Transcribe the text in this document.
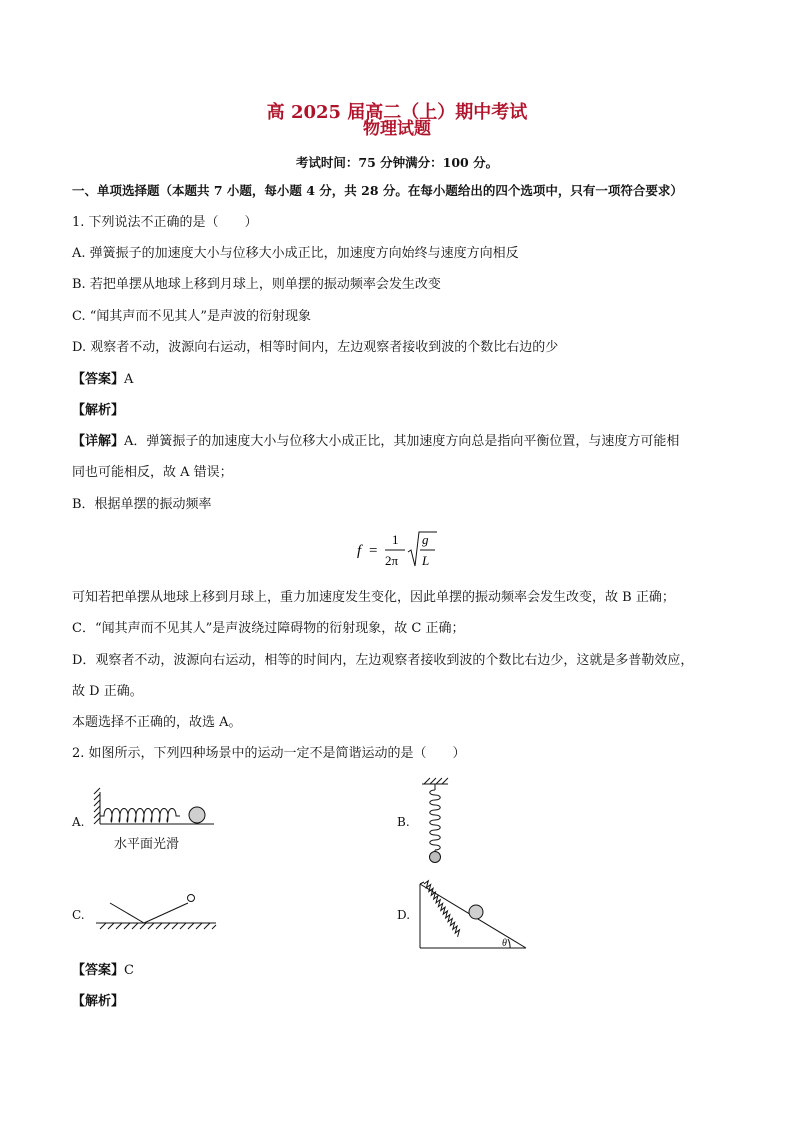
高 2025 届高二（上）期中考试
物理试题
考试时间：75 分钟满分：100 分。
一、单项选择题（本题共 7 小题，每小题 4 分，共 28 分。在每小题给出的四个选项中，只有一项符合要求）
1. 下列说法不正确的是（　　）
A. 弹簧振子的加速度大小与位移大小成正比，加速度方向始终与速度方向相反
B. 若把单摆从地球上移到月球上，则单摆的振动频率会发生改变
C. “闻其声而不见其人”是声波的衍射现象
D. 观察者不动，波源向右运动，相等时间内，左边观察者接收到波的个数比右边的少
【答案】A
【解析】
【详解】A．弹簧振子的加速度大小与位移大小成正比，其加速度方向总是指向平衡位置，与速度方可能相
同也可能相反，故 A 错误；
B．根据单摆的振动频率
f =
1
2π
g
L
可知若把单摆从地球上移到月球上，重力加速度发生变化，因此单摆的振动频率会发生改变，故 B 正确；
C．“闻其声而不见其人”是声波绕过障碍物的衍射现象，故 C 正确；
D．观察者不动，波源向右运动，相等的时间内，左边观察者接收到波的个数比右边少，这就是多普勒效应，
故 D 正确。
本题选择不正确的，故选 A。
2. 如图所示，下列四种场景中的运动一定不是简谐运动的是（　　）
A.	B.
C.	D.
水平面光滑
θ
【答案】C
【解析】
